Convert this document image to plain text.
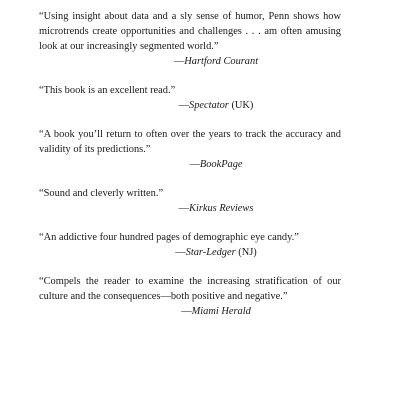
“Using insight about data and a sly sense of humor, Penn shows how microtrends create opportunities and challenges . . . am often amusing look at our increasingly segmented world.”

—Hartford Courant

“This book is an excellent read.”

—Spectator (UK)

“A book you’ll return to often over the years to track the accuracy and validity of its predictions.”

—BookPage

“Sound and cleverly written.”

—Kirkus Reviews

“An addictive four hundred pages of demographic eye candy.”

—Star-Ledger (NJ)

“Compels the reader to examine the increasing stratification of our culture and the consequences—both positive and negative.”

—Miami Herald
